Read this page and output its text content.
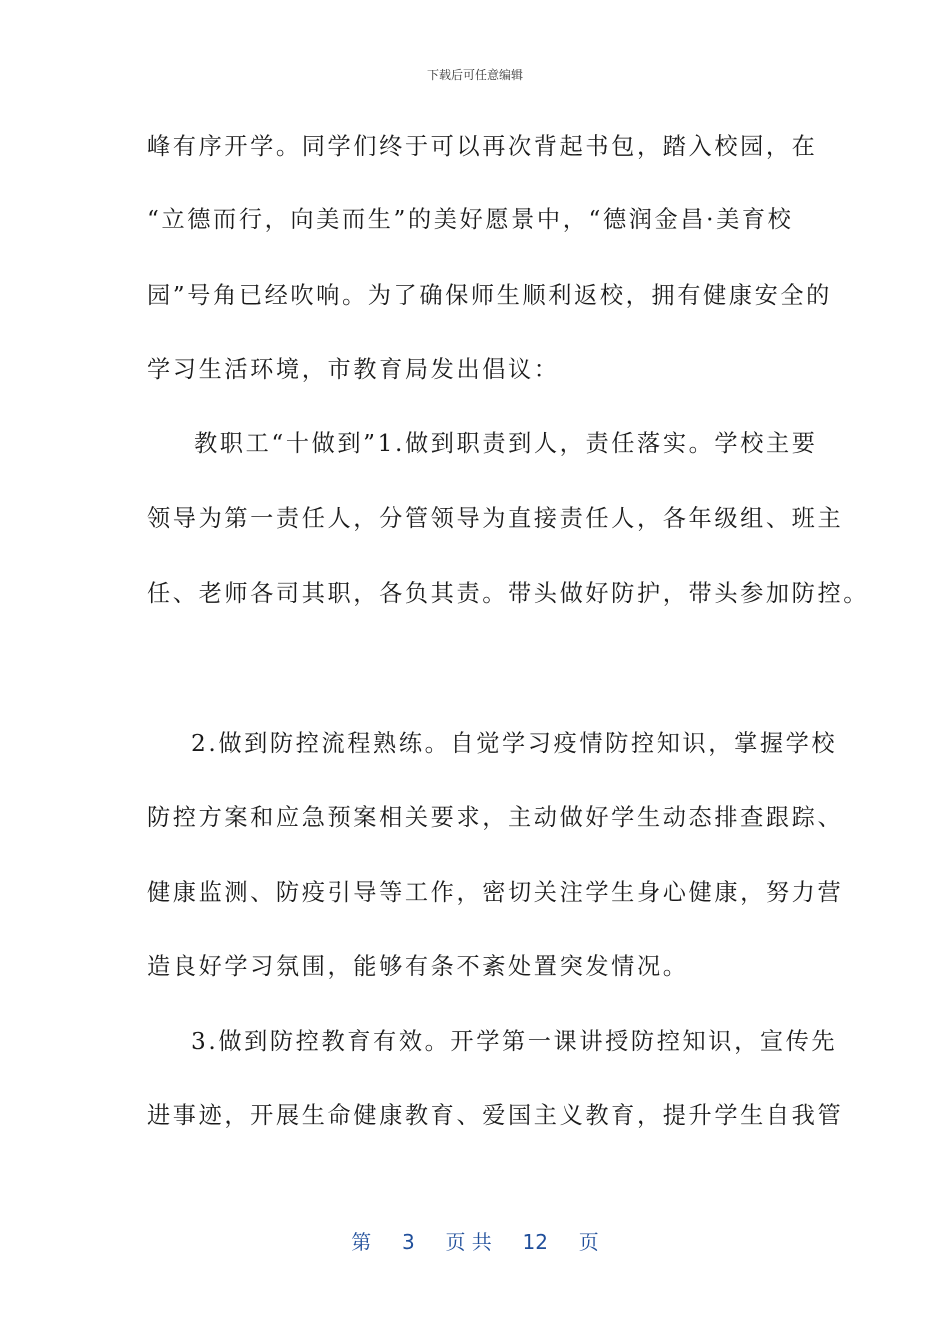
下载后可任意编辑
峰有序开学。同学们终于可以再次背起书包，踏入校园，在
“立德而行，向美而生”的美好愿景中，“德润金昌·美育校
园”号角已经吹响。为了确保师生顺利返校，拥有健康安全的
学习生活环境，市教育局发出倡议：
教职工“十做到”1.做到职责到人，责任落实。学校主要
领导为第一责任人，分管领导为直接责任人，各年级组、班主
任、老师各司其职，各负其责。带头做好防护，带头参加防控。
2.做到防控流程熟练。自觉学习疫情防控知识，掌握学校
防控方案和应急预案相关要求，主动做好学生动态排查跟踪、
健康监测、防疫引导等工作，密切关注学生身心健康，努力营
造良好学习氛围，能够有条不紊处置突发情况。
3.做到防控教育有效。开学第一课讲授防控知识，宣传先
进事迹，开展生命健康教育、爱国主义教育，提升学生自我管
第 3 页 共 12 页
